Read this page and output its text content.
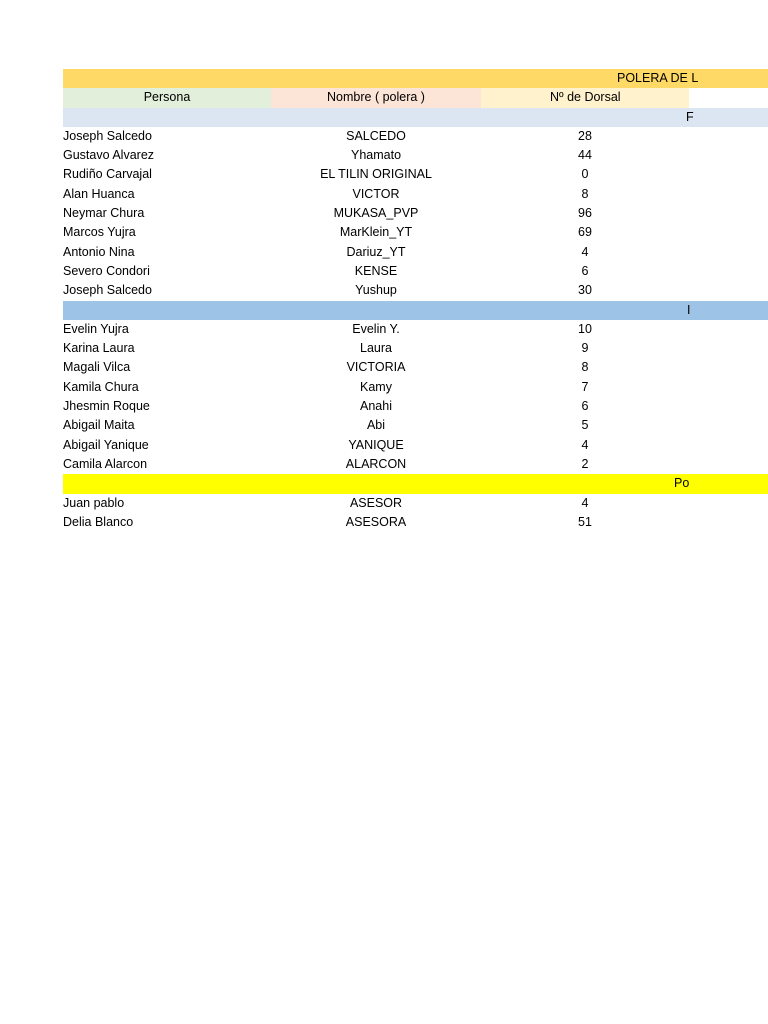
POLERA DE L
Persona	Nombre ( polera )	Nº de Dorsal
F
Joseph Salcedo	SALCEDO	28
Gustavo Alvarez	Yhamato	44
Rudiño Carvajal	EL TILIN ORIGINAL	0
Alan Huanca	VICTOR	8
Neymar Chura	MUKASA_PVP	96
Marcos Yujra	MarKlein_YT	69
Antonio Nina	Dariuz_YT	4
Severo Condori	KENSE	6
Joseph Salcedo	Yushup	30
I
Evelin Yujra	Evelin Y.	10
Karina Laura	Laura	9
Magali Vilca	VICTORIA	8
Kamila Chura	Kamy	7
Jhesmin Roque	Anahi	6
Abigail Maita	Abi	5
Abigail Yanique	YANIQUE	4
Camila Alarcon	ALARCON	2
Po
Juan pablo	ASESOR	4
Delia Blanco	ASESORA	51
